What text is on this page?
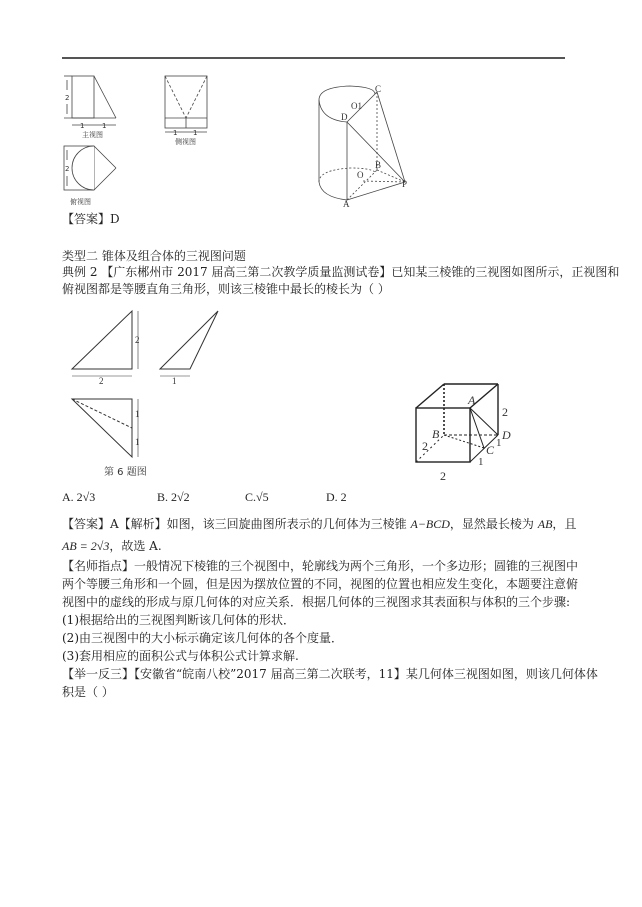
2
1	1
主视图	1 1
侧视图
2
俯视图
C
O1
D
B
O
P
A
【答案】D
类型二 锥体及组合体的三视图问题
典例 2 【广东郴州市 2017 届高三第二次教学质量监测试卷】已知某三棱锥的三视图如图所示，正视图和
俯视图都是等腰直角三角形，则该三棱锥中最长的棱长为（ ）
2
2	1
1
1
第 6 题图
A
B
C
D
2
2
2
1
1
A. 2√3	B. 2√2	C.√5	D. 2
【答案】A【解析】如图，该三回旋曲图所表示的几何体为三棱锥 A−BCD，显然最长棱为 AB，且
AB = 2√3，故选 A.
【名师指点】一般情况下棱锥的三个视图中，轮廓线为两个三角形，一个多边形；圆锥的三视图中两个等腰三角形和一个圆，但是因为摆放位置的不同，视图的位置也相应发生变化，本题要注意俯视图中的虚线的形成与原几何体的对应关系．根据几何体的三视图求其表面积与体积的三个步骤:
(1)根据给出的三视图判断该几何体的形状．
(2)由三视图中的大小标示确定该几何体的各个度量．
(3)套用相应的面积公式与体积公式计算求解.
【举一反三】【安徽省“皖南八校”2017 届高三第二次联考，11】某几何体三视图如图，则该几何体体
积是（ ）
